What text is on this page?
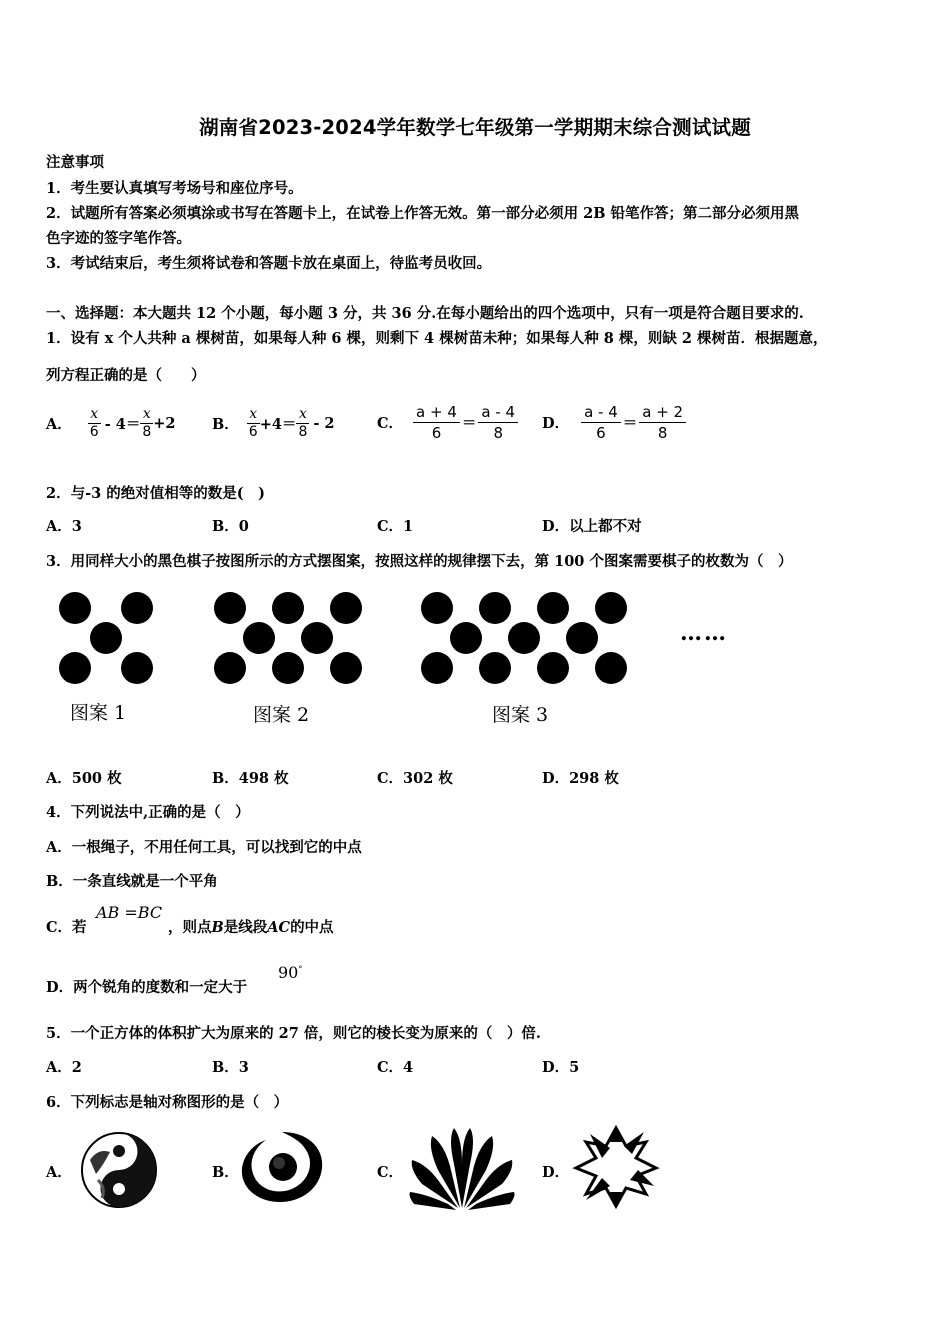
湖南省2023-2024学年数学七年级第一学期期末综合测试试题
注意事项
1．考生要认真填写考场号和座位序号。
2．试题所有答案必须填涂或书写在答题卡上，在试卷上作答无效。第一部分必须用 2B 铅笔作答；第二部分必须用黑
色字迹的签字笔作答。
3．考试结束后，考生须将试卷和答题卡放在桌面上，待监考员收回。
一、选择题：本大题共 12 个小题，每小题 3 分，共 36 分.在每小题给出的四个选项中，只有一项是符合题目要求的.
1．设有 x 个人共种 a 棵树苗，如果每人种 6 棵，则剩下 4 棵树苗未种；如果每人种 8 棵，则缺 2 棵树苗．根据题意，
列方程正确的是（　　）
A． $\frac{x}{6} - 4= \frac{x}{8} +2$	B． $\frac{x}{6} +4= \frac{x}{8} - 2$	C． $\frac{a + 4}{6} = \frac{a - 4}{8}$ D． $\frac{a - 4}{6} = \frac{a + 2}{8}$
2．与-3 的绝对值相等的数是(　)
A．3	B．0	C．1	D．以上都不对
3．用同样大小的黑色棋子按图所示的方式摆图案，按照这样的规律摆下去，第 100 个图案需要棋子的枚数为（　）
图案 1	图案 2	图案 3
……
A．500 枚	B．498 枚	C．302 枚	D．298 枚
4．下列说法中,正确的是（　）
A．一根绳子，不用任何工具，可以找到它的中点
B．一条直线就是一个平角
C．若
AB =BC
，则点B是线段AC的中点
D．两个锐角的度数和一定大于
90°
5．一个正方体的体积扩大为原来的 27 倍，则它的棱长变为原来的（　）倍.
A．2	B．3	C．4	D．5
6．下列标志是轴对称图形的是（　）
A．	B．	C．	D．
